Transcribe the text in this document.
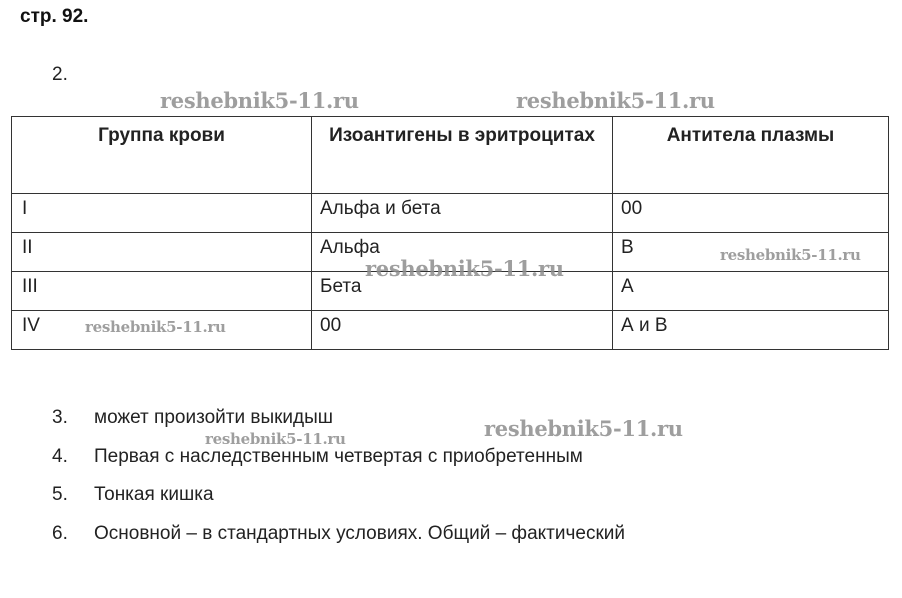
стр. 92.
2.
Группа крови	Изоантигены в эритроцитах	Антитела плазмы
I	Альфа и бета	00
II	Альфа	В
III	Бета	А
IV	00	А и В
3. может произойти выкидыш
4. Первая с наследственным четвертая с приобретенным
5. Тонкая кишка
6. Основной – в стандартных условиях. Общий – фактический
reshebnik5-11.ru	reshebnik5-11.ru
reshebnik5-11.ru
reshebnik5-11.ru
reshebnik5-11.ru
reshebnik5-11.ru
reshebnik5-11.ru
